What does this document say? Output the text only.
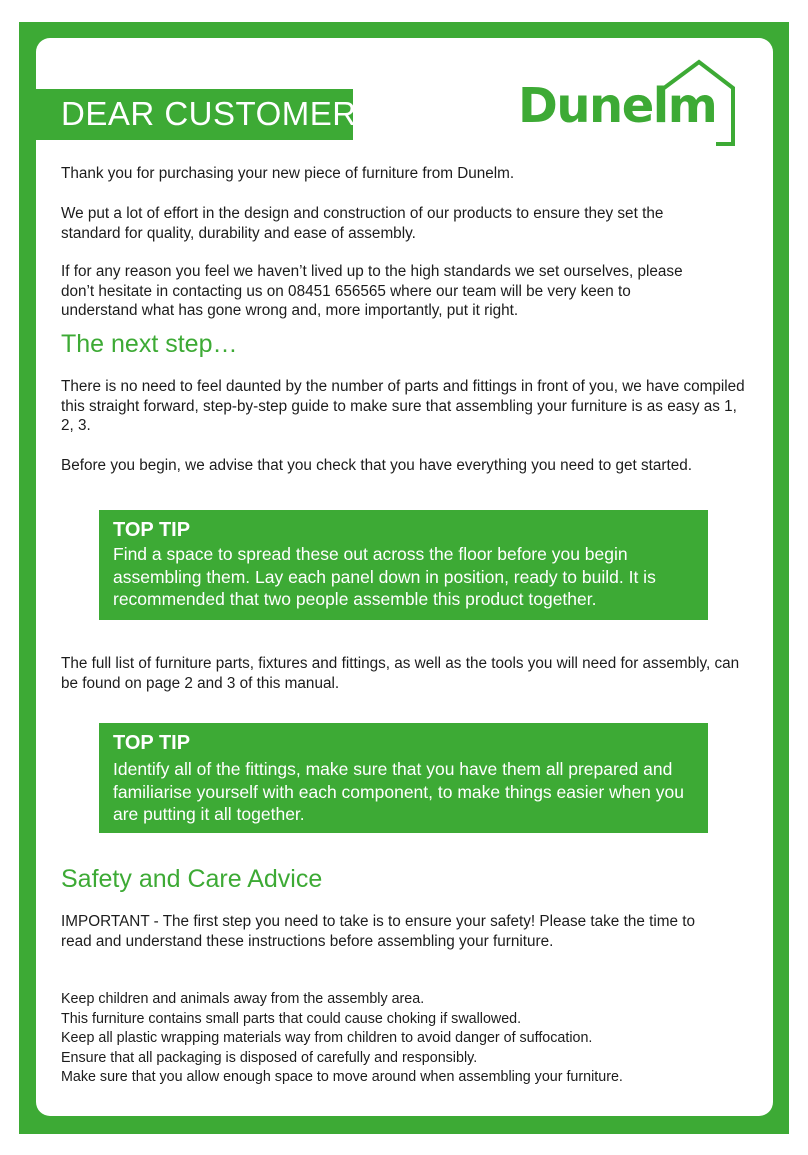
DEAR CUSTOMER	Dunelm

Thank you for purchasing your new piece of furniture from Dunelm.

We put a lot of effort in the design and construction of our products to ensure they set the standard for quality, durability and ease of assembly.

If for any reason you feel we haven’t lived up to the high standards we set ourselves, please don’t hesitate in contacting us on 08451 656565 where our team will be very keen to understand what has gone wrong and, more importantly, put it right.

The next step…

There is no need to feel daunted by the number of parts and fittings in front of you, we have compiled this straight forward, step-by-step guide to make sure that assembling your furniture is as easy as 1, 2, 3.

Before you begin, we advise that you check that you have everything you need to get started.

TOP TIP

Find a space to spread these out across the floor before you begin assembling them. Lay each panel down in position, ready to build. It is recommended that two people assemble this product together.

The full list of furniture parts, fixtures and fittings, as well as the tools you will need for assembly, can be found on page 2 and 3 of this manual.

TOP TIP

Identify all of the fittings, make sure that you have them all prepared and familiarise yourself with each component, to make things easier when you are putting it all together.

Safety and Care Advice

IMPORTANT - The first step you need to take is to ensure your safety! Please take the time to read and understand these instructions before assembling your furniture.

Keep children and animals away from the assembly area.
This furniture contains small parts that could cause choking if swallowed.
Keep all plastic wrapping materials way from children to avoid danger of suffocation.
Ensure that all packaging is disposed of carefully and responsibly.
Make sure that you allow enough space to move around when assembling your furniture.
